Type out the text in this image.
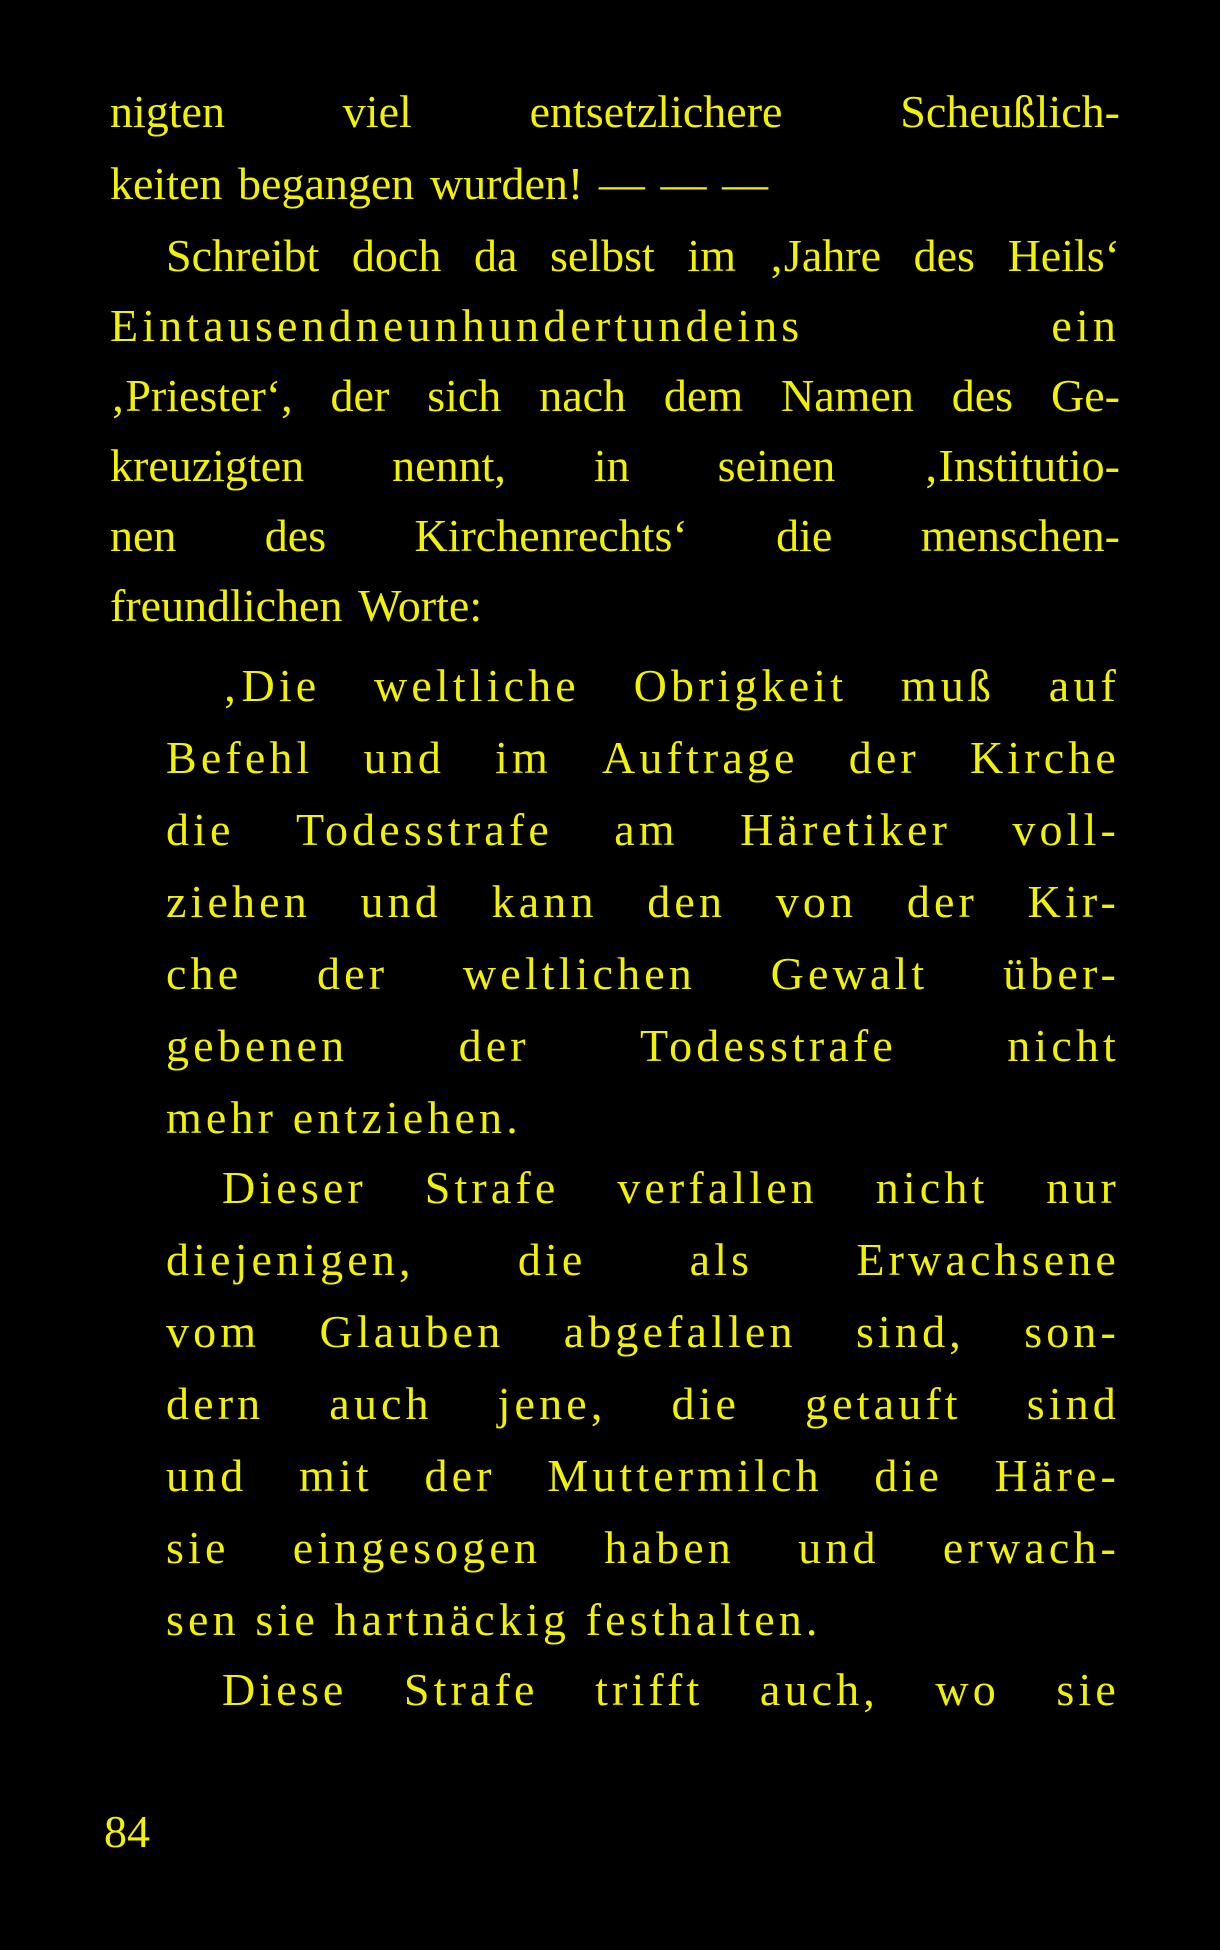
nigten	viel	entsetzlichere	Scheußlich-
keiten begangen wurden! — — —
Schreibt doch da selbst im ‚Jahre des Heils‘
Eintausendneunhundertundeins	ein
‚Priester‘, der sich nach dem Namen des Ge-
kreuzigten nennt, in seinen ‚Institutio-
nen des Kirchenrechts‘ die menschen-
freundlichen Worte:
‚Die weltliche Obrigkeit muß auf
Befehl und im Auftrage der Kirche
die Todesstrafe am Häretiker voll-
ziehen und kann den von der Kir-
che der weltlichen Gewalt über-
gebenen der Todesstrafe nicht
mehr entziehen.
Dieser Strafe verfallen nicht nur
diejenigen, die als Erwachsene
vom Glauben abgefallen sind, son-
dern auch jene, die getauft sind
und mit der Muttermilch die Häre-
sie eingesogen haben und erwach-
sen sie hartnäckig festhalten.
Diese Strafe trifft auch, wo sie
84
